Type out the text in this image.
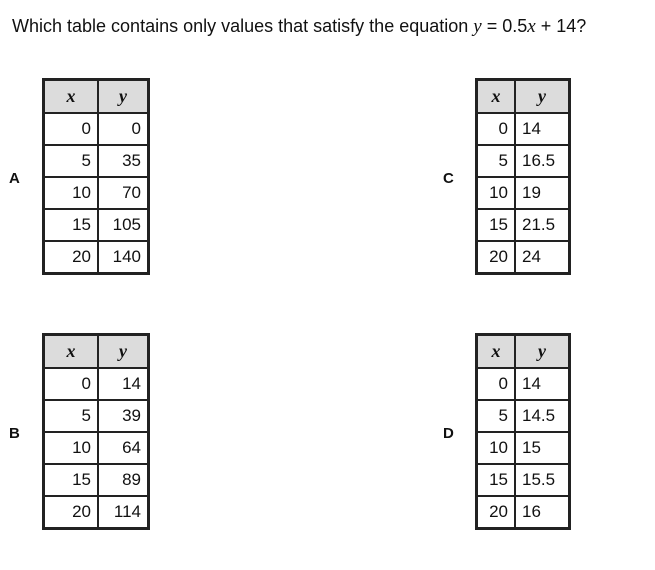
Which table contains only values that satisfy the equation y = 0.5x + 14?
A
x	y
0	0
5	35
10	70
15	105
20	140
C
x	y
0	14
5	16.5
10	19
15	21.5
20	24
B
x	y
0	14
5	39
10	64
15	89
20	114
D
x	y
0	14
5	14.5
10	15
15	15.5
20	16
